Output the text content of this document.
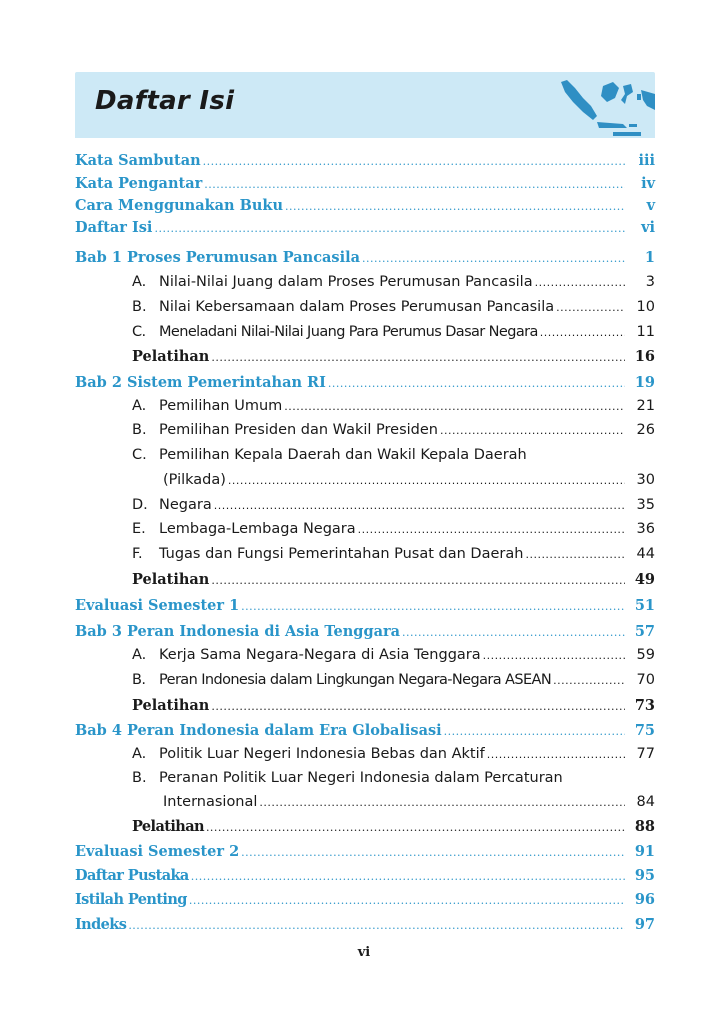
Daftar Isi
Kata Sambutan .....	iii
Kata Pengantar .....	iv
Cara Menggunakan Buku .....	v
Daftar Isi .....	vi
Bab 1 Proses Perumusan Pancasila .....	1
A. Nilai-Nilai Juang dalam Proses Perumusan Pancasila .....	3
B. Nilai Kebersamaan dalam Proses Perumusan Pancasila .....	10
C. Meneladani Nilai-Nilai Juang Para Perumus Dasar Negara .....	11
Pelatihan .....	16
Bab 2 Sistem Pemerintahan RI .....	19
A. Pemilihan Umum .....	21
B. Pemilihan Presiden dan Wakil Presiden .....	26
C. Pemilihan Kepala Daerah dan Wakil Kepala Daerah
(Pilkada) .....	30
D. Negara .....	35
E. Lembaga-Lembaga Negara .....	36
F. Tugas dan Fungsi Pemerintahan Pusat dan Daerah .....	44
Pelatihan .....	49
Evaluasi Semester 1 .....	51
Bab 3 Peran Indonesia di Asia Tenggara .....	57
A. Kerja Sama Negara-Negara di Asia Tenggara .....	59
B. Peran Indonesia dalam Lingkungan Negara-Negara ASEAN .....	70
Pelatihan .....	73
Bab 4 Peran Indonesia dalam Era Globalisasi .....	75
A. Politik Luar Negeri Indonesia Bebas dan Aktif .....	77
B. Peranan Politik Luar Negeri Indonesia dalam Percaturan
Internasional .....	84
Pelatihan .....	88
Evaluasi Semester 2 .....	91
Daftar Pustaka .....	95
Istilah Penting .....	96
Indeks .....	97
vi
